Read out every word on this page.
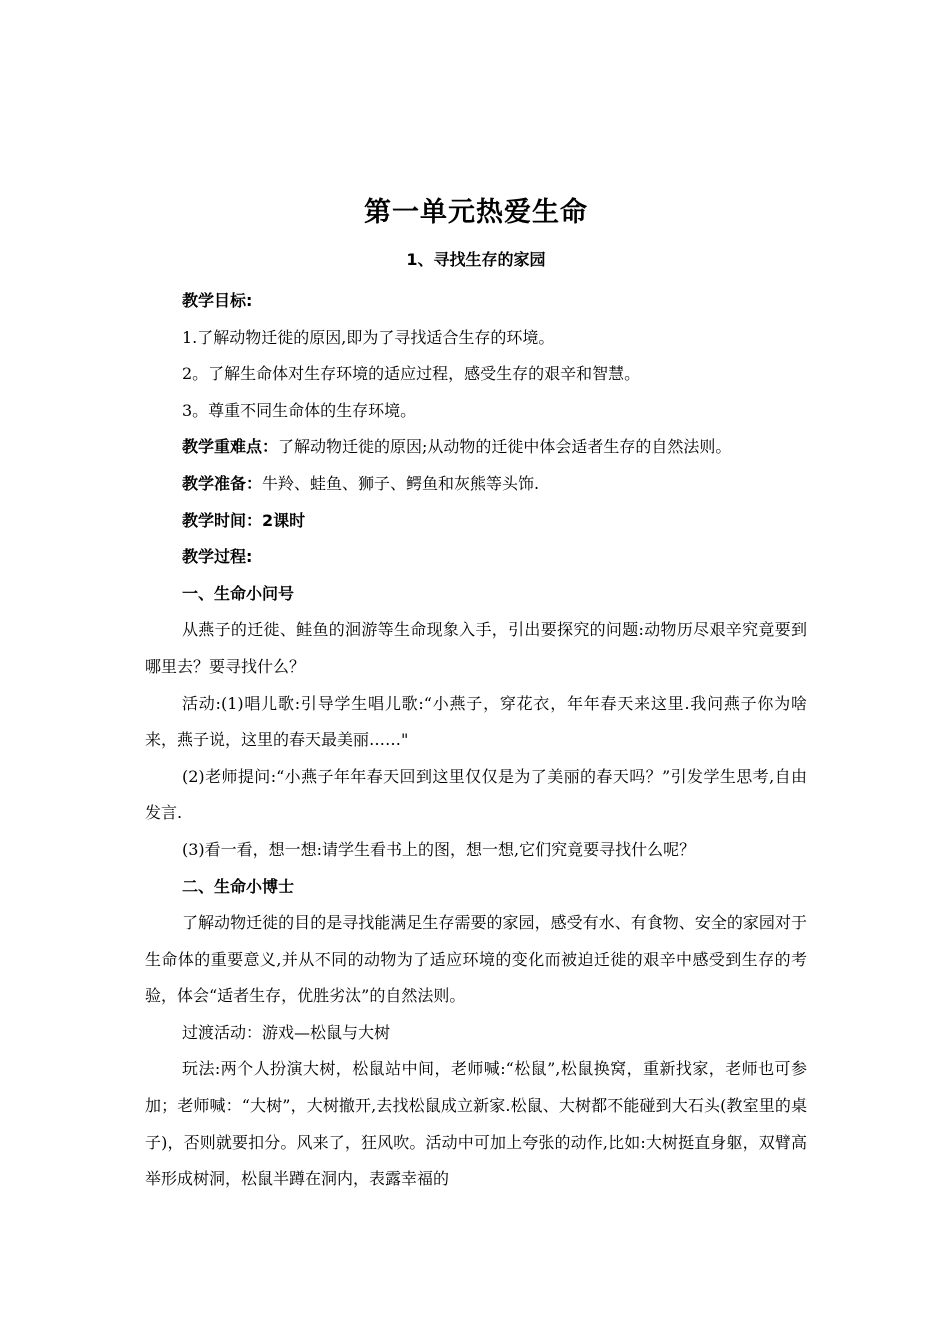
第一单元热爱生命
1、寻找生存的家园

教学目标:

1.了解动物迁徙的原因,即为了寻找适合生存的环境。

2。了解生命体对生存环境的适应过程，感受生存的艰辛和智慧。

3。尊重不同生命体的生存环境。

教学重难点：了解动物迁徙的原因;从动物的迁徙中体会适者生存的自然法则。

教学准备：牛羚、蛙鱼、狮子、鳄鱼和灰熊等头饰.

教学时间：2课时

教学过程:

一、生命小问号

从燕子的迁徙、鲑鱼的洄游等生命现象入手，引出要探究的问题:动物历尽艰辛究竟要到哪里去？要寻找什么？

活动:(1)唱儿歌:引导学生唱儿歌:“小燕子，穿花衣，年年春天来这里.我问燕子你为啥来，燕子说，这里的春天最美丽……"

(2)老师提问:“小燕子年年春天回到这里仅仅是为了美丽的春天吗？”引发学生思考,自由发言.

(3)看一看，想一想:请学生看书上的图，想一想,它们究竟要寻找什么呢？

二、生命小博士

了解动物迁徙的目的是寻找能满足生存需要的家园，感受有水、有食物、安全的家园对于生命体的重要意义,并从不同的动物为了适应环境的变化而被迫迁徙的艰辛中感受到生存的考验，体会“适者生存，优胜劣汰”的自然法则。

过渡活动：游戏—松鼠与大树

玩法:两个人扮演大树，松鼠站中间，老师喊:“松鼠”,松鼠换窝，重新找家，老师也可参加；老师喊：“大树”，大树撤开,去找松鼠成立新家.松鼠、大树都不能碰到大石头(教室里的桌子)，否则就要扣分。风来了，狂风吹。活动中可加上夸张的动作,比如:大树挺直身躯，双臂高举形成树洞，松鼠半蹲在洞内，表露幸福的
